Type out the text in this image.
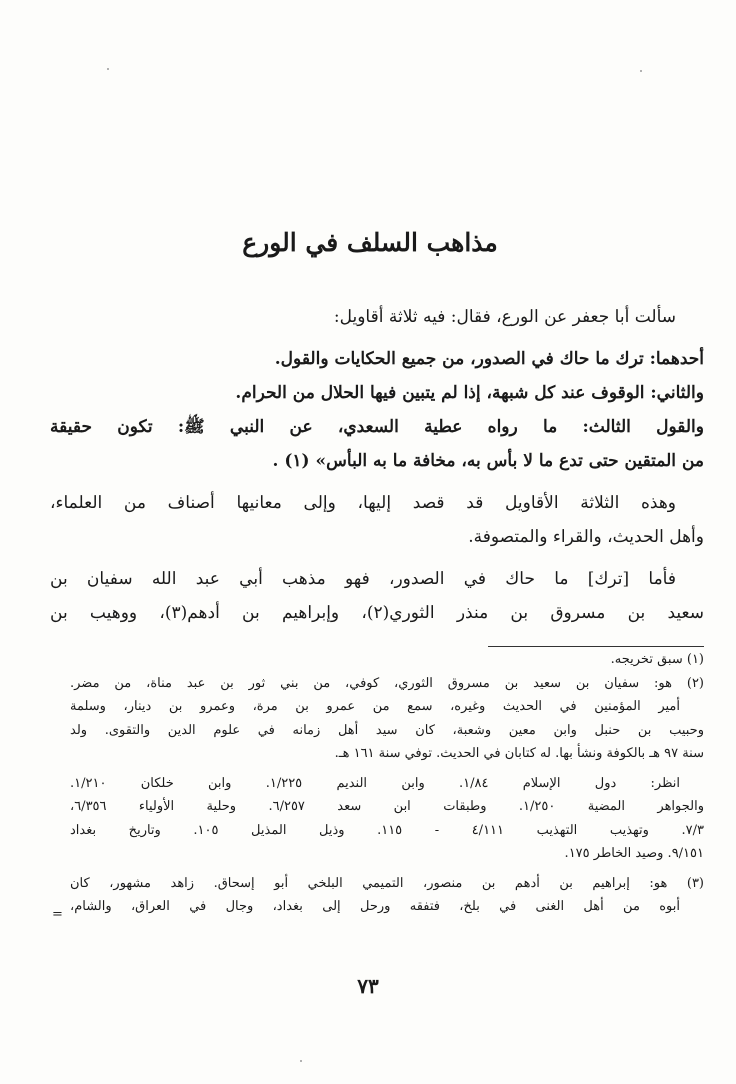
مذاهب السلف في الورع

سألت أبا جعفر عن الورع، فقال: فيه ثلاثة أقاويل:

أحدهما: ترك ما حاك في الصدور، من جميع الحكايات والقول.

والثاني: الوقوف عند كل شبهة، إذا لم يتبين فيها الحلال من الحرام.

والقول الثالث: ما رواه عطية السعدي، عن النبي ﷺ: تكون حقيقة

من المتقين حتى تدع ما لا بأس به، مخافة ما به البأس» (١) .

وهذه الثلاثة الأقاويل قد قصد إليها، وإلى معانيها أصناف من العلماء،

وأهل الحديث، والقراء والمتصوفة.

فأما [ترك] ما حاك في الصدور، فهو مذهب أبي عبد الله سفيان بن

سعيد بن مسروق بن منذر الثوري(٢)، وإبراهيم بن أدهم(٣)، ووهيب بن

(١) سبق تخريجه.

(٢) هو: سفيان بن سعيد بن مسروق الثوري، كوفي، من بني ثور بن عبد مناة، من مضر.

أمير المؤمنين في الحديث وغيره، سمع من عمرو بن مرة، وعمرو بن دينار، وسلمة

وحبيب بن حنبل وابن معين وشعبة، كان سيد أهل زمانه في علوم الدين والتقوى. ولد

سنة ٩٧ هـ بالكوفة ونشأ بها. له كتابان في الحديث. توفي سنة ١٦١ هـ.

انظر: دول الإسلام ١/٨٤. وابن النديم ١/٢٢٥. وابن خلكان ١/٢١٠.

والجواهر المضية ١/٢٥٠. وطبقات ابن سعد ٦/٢٥٧. وحلية الأولياء ٦/٣٥٦،

٧/٣. وتهذيب التهذيب ٤/١١١ - ١١٥. وذيل المذيل ١٠٥. وتاريخ بغداد

٩/١٥١. وصيد الخاطر ١٧٥.

(٣) هو: إبراهيم بن أدهم بن منصور، التميمي البلخي أبو إسحاق. زاهد مشهور، كان

أبوه من أهل الغنى في بلخ، فتفقه ورحل إلى بغداد، وجال في العراق، والشام،

=
٧٣
